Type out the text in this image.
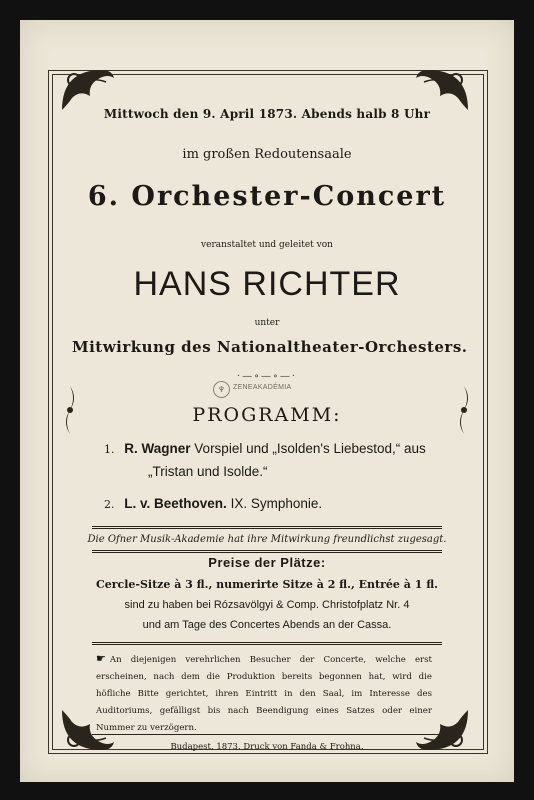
Mittwoch den 9. April 1873. Abends halb 8 Uhr
im großen Redoutensaale
6. Orchester-Concert
veranstaltet und geleitet von
HANS RICHTER
unter
Mitwirkung des Nationaltheater-Orchesters.
·—∘—∘—·
♆	ZENEAKADÉMIA
PROGRAMM:
1. R. Wagner Vorspiel und „Isolden's Liebestod,“ aus
„Tristan und Isolde.“
2. L. v. Beethoven. IX. Symphonie.
Die Ofner Musik-Akademie hat ihre Mitwirkung freundlichst zugesagt.
Preise der Plätze:
Cercle-Sitze à 3 fl., numerirte Sitze à 2 fl., Entrée à 1 fl.
sind zu haben bei Rózsavölgyi & Comp. Christofplatz Nr. 4
und am Tage des Concertes Abends an der Cassa.
☛ An diejenigen verehrlichen Besucher der Concerte, welche erst erscheinen, nach dem die Produktion bereits begonnen hat, wird die höfliche Bitte gerichtet, ihren Eintritt in den Saal, im Interesse des Auditoriums, gefälligst bis nach Beendigung eines Satzes oder einer Nummer zu verzögern.
Budapest, 1873. Druck von Fanda & Frohna.
